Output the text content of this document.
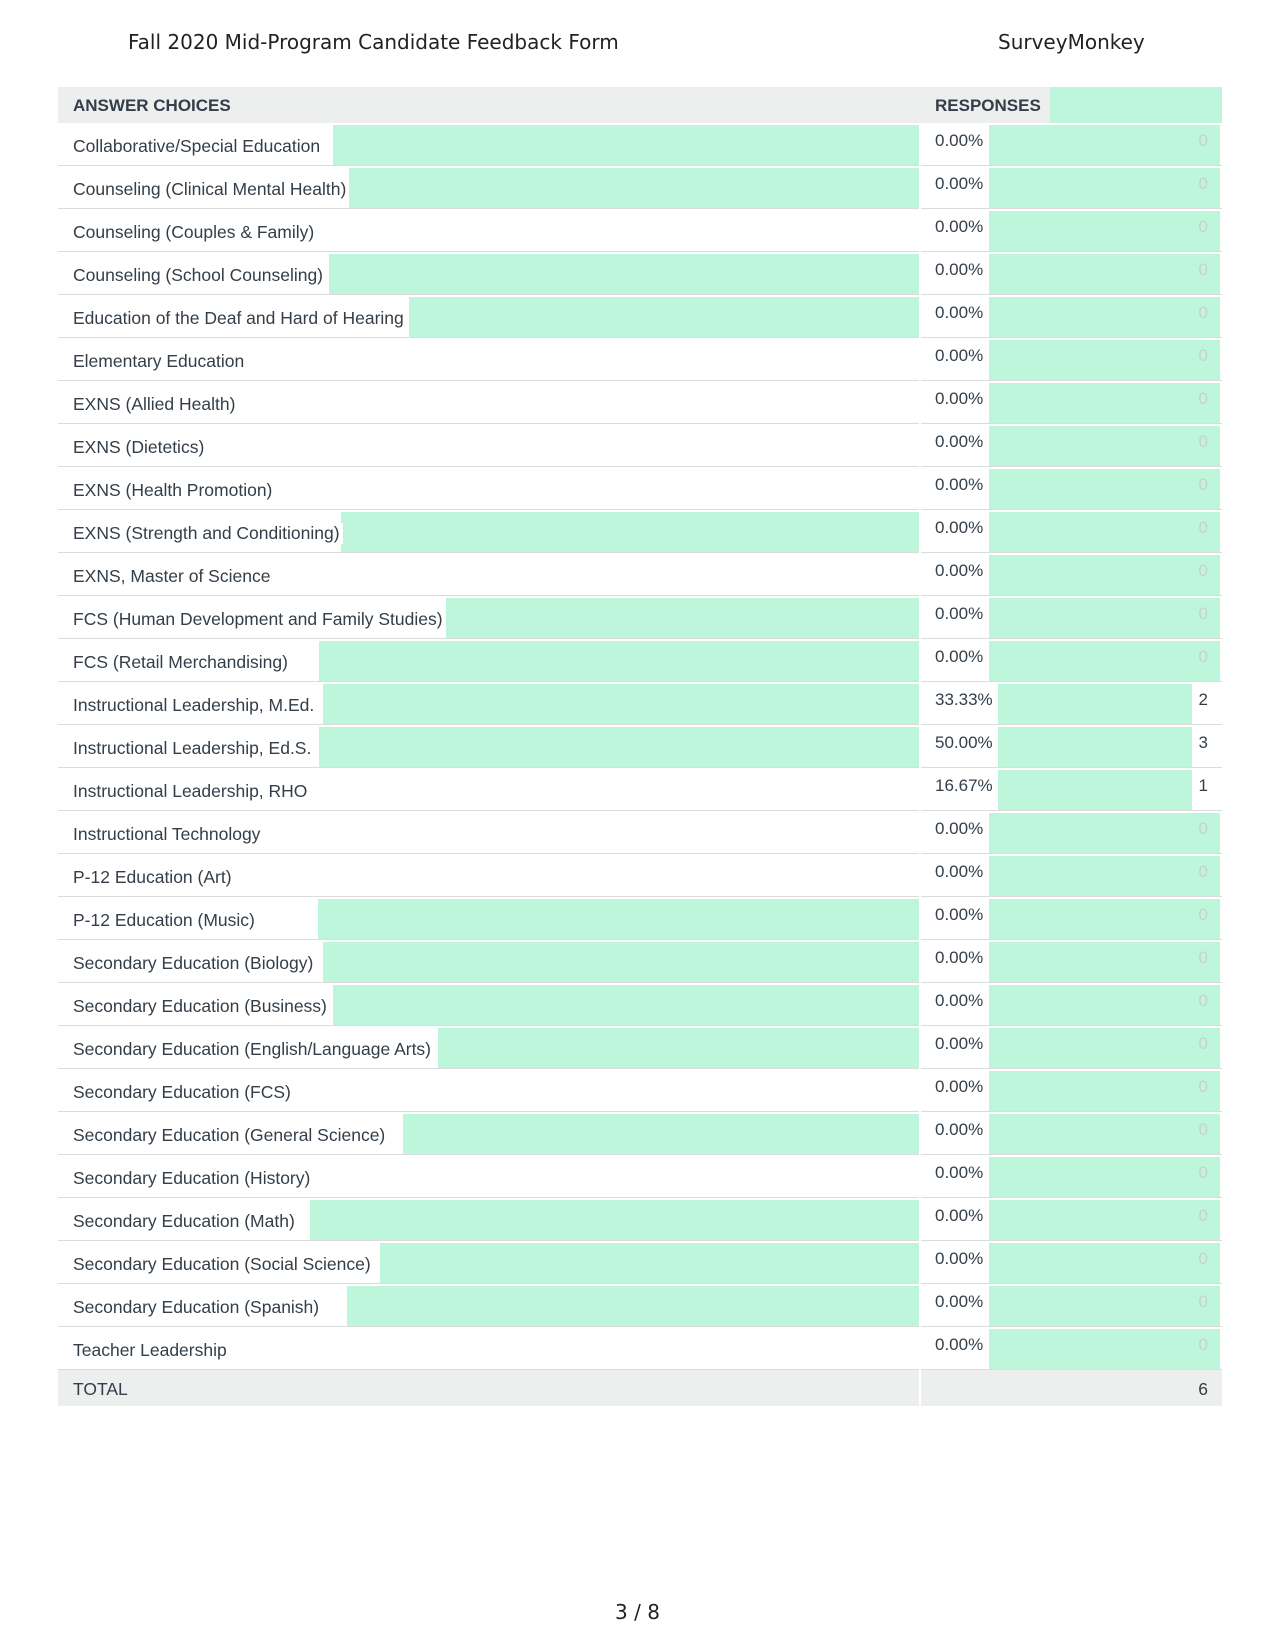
Fall 2020 Mid-Program Candidate Feedback Form	SurveyMonkey
ANSWER CHOICES	RESPONSES
Collaborative/Special Education	0.00%	0
Counseling (Clinical Mental Health)	0.00%	0
Counseling (Couples & Family)	0.00%	0
Counseling (School Counseling)	0.00%	0
Education of the Deaf and Hard of Hearing	0.00%	0
Elementary Education	0.00%	0
EXNS (Allied Health)	0.00%	0
EXNS (Dietetics)	0.00%	0
EXNS (Health Promotion)	0.00%	0
EXNS (Strength and Conditioning)	0.00%	0
EXNS, Master of Science	0.00%	0
FCS (Human Development and Family Studies)	0.00%	0
FCS (Retail Merchandising)	0.00%	0
Instructional Leadership, M.Ed.	33.33%	2
Instructional Leadership, Ed.S.	50.00%	3
Instructional Leadership, RHO	16.67%	1
Instructional Technology	0.00%	0
P-12 Education (Art)	0.00%	0
P-12 Education (Music)	0.00%	0
Secondary Education (Biology)	0.00%	0
Secondary Education (Business)	0.00%	0
Secondary Education (English/Language Arts)	0.00%	0
Secondary Education (FCS)	0.00%	0
Secondary Education (General Science)	0.00%	0
Secondary Education (History)	0.00%	0
Secondary Education (Math)	0.00%	0
Secondary Education (Social Science)	0.00%	0
Secondary Education (Spanish)	0.00%	0
Teacher Leadership	0.00%	0
TOTAL	6
3 / 8
